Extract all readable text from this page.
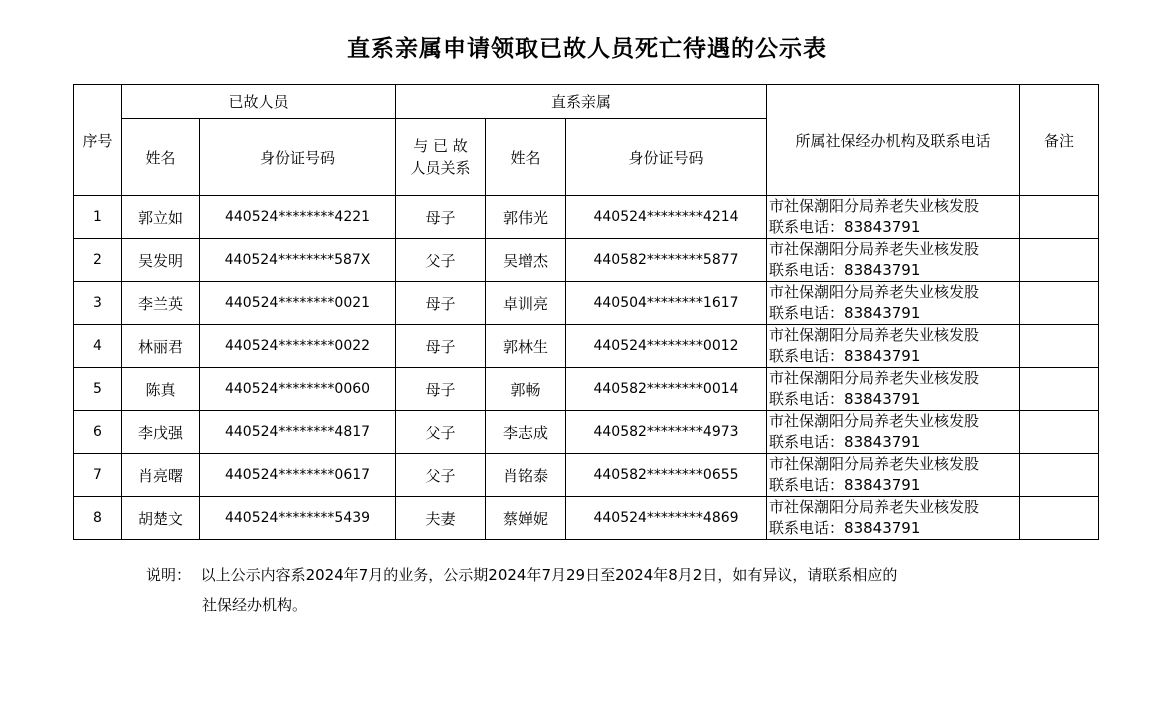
直系亲属申请领取已故人员死亡待遇的公示表
序号	已故人员		直系亲属			所属社保经办机构及联系电话	备注
	姓名	身份证号码	与 已 故
人员关系	姓名	身份证号码		
1	郭立如	440524********4221	母子	郭伟光	440524********4214	市社保潮阳分局养老失业核发股
联系电话：83843791	
2	吴发明	440524********587X	父子	吴增杰	440582********5877	市社保潮阳分局养老失业核发股
联系电话：83843791	
3	李兰英	440524********0021	母子	卓训亮	440504********1617	市社保潮阳分局养老失业核发股
联系电话：83843791	
4	林丽君	440524********0022	母子	郭林生	440524********0012	市社保潮阳分局养老失业核发股
联系电话：83843791	
5	陈真	440524********0060	母子	郭畅	440582********0014	市社保潮阳分局养老失业核发股
联系电话：83843791	
6	李戊强	440524********4817	父子	李志成	440582********4973	市社保潮阳分局养老失业核发股
联系电话：83843791	
7	肖亮曙	440524********0617	父子	肖铭泰	440582********0655	市社保潮阳分局养老失业核发股
联系电话：83843791	
8	胡楚文	440524********5439	夫妻	蔡婵妮	440524********4869	市社保潮阳分局养老失业核发股
联系电话：83843791	
说明： 以上公示内容系2024年7月的业务，公示期2024年7月29日至2024年8月2日，如有异议，请联系相应的
社保经办机构。
